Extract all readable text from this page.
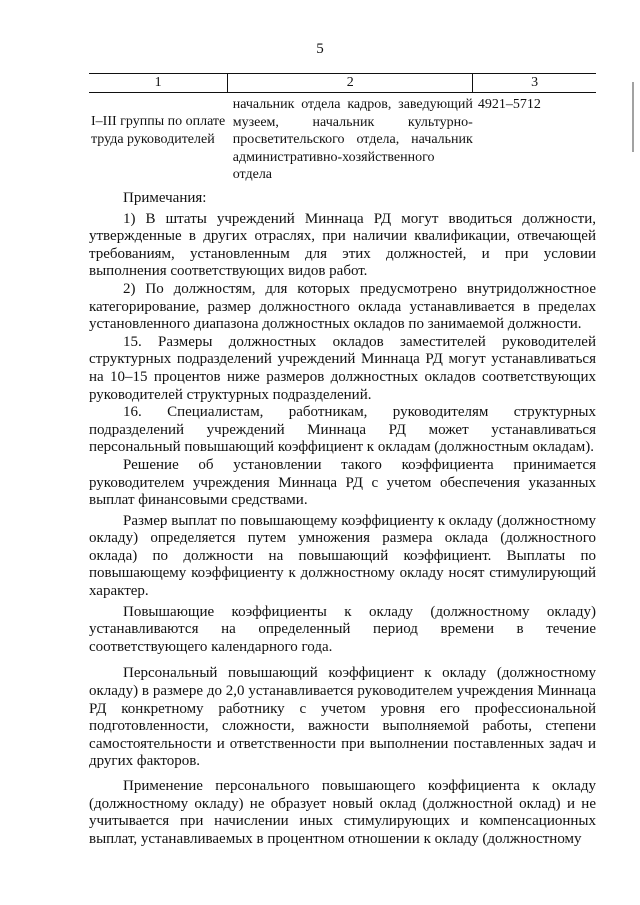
5
1	2	3
I–III группы по оплате труда руководителей	начальник отдела кадров, заведующий музеем, начальник культурно-просветительского отдела, начальник административно-хозяйственного отдела	4921–5712

Примечания:

1) В штаты учреждений Миннаца РД могут вводиться должности, утвержденные в других отраслях, при наличии квалификации, отвечающей требованиям, установленным для этих должностей, и при условии выполнения соответствующих видов работ.

2) По должностям, для которых предусмотрено внутридолжностное категорирование, размер должностного оклада устанавливается в пределах установленного диапазона должностных окладов по занимаемой должности.

15. Размеры должностных окладов заместителей руководителей структурных подразделений учреждений Миннаца РД могут устанавливаться на 10–15 процентов ниже размеров должностных окладов соответствующих руководителей структурных подразделений.

16. Специалистам, работникам, руководителям структурных подразделений учреждений Миннаца РД может устанавливаться персональный повышающий коэффициент к окладам (должностным окладам).

Решение об установлении такого коэффициента принимается руководителем учреждения Миннаца РД с учетом обеспечения указанных выплат финансовыми средствами.

Размер выплат по повышающему коэффициенту к окладу (должностному окладу) определяется путем умножения размера оклада (должностного оклада) по должности на повышающий коэффициент. Выплаты по повышающему коэффициенту к должностному окладу носят стимулирующий характер.

Повышающие коэффициенты к окладу (должностному окладу) устанавливаются на определенный период времени в течение соответствующего календарного года.

Персональный повышающий коэффициент к окладу (должностному окладу) в размере до 2,0 устанавливается руководителем учреждения Миннаца РД конкретному работнику с учетом уровня его профессиональной подготовленности, сложности, важности выполняемой работы, степени самостоятельности и ответственности при выполнении поставленных задач и других факторов.

Применение персонального повышающего коэффициента к окладу (должностному окладу) не образует новый оклад (должностной оклад) и не учитывается при начислении иных стимулирующих и компенсационных выплат, устанавливаемых в процентном отношении к окладу (должностному
